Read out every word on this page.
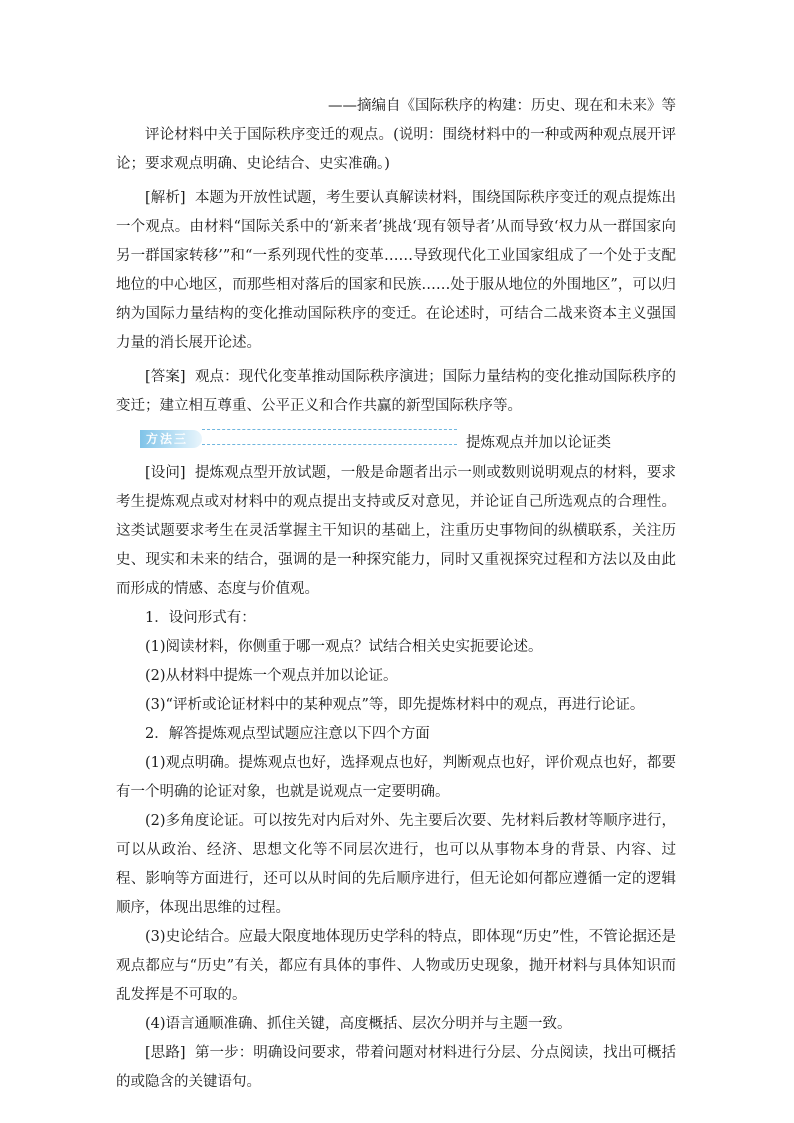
——摘编自《国际秩序的构建：历史、现在和未来》等

评论材料中关于国际秩序变迁的观点。(说明：围绕材料中的一种或两种观点展开评论；要求观点明确、史论结合、史实准确。)

[解析] 本题为开放性试题，考生要认真解读材料，围绕国际秩序变迁的观点提炼出一个观点。由材料“国际关系中的‘新来者’挑战‘现有领导者’从而导致‘权力从一群国家向另一群国家转移’”和“一系列现代性的变革……导致现代化工业国家组成了一个处于支配地位的中心地区，而那些相对落后的国家和民族……处于服从地位的外围地区”，可以归纳为国际力量结构的变化推动国际秩序的变迁。在论述时，可结合二战来资本主义强国力量的消长展开论述。

[答案] 观点：现代化变革推动国际秩序演进；国际力量结构的变化推动国际秩序的变迁；建立相互尊重、公平正义和合作共赢的新型国际秩序等。

方法三	提炼观点并加以论证类

[设问] 提炼观点型开放试题，一般是命题者出示一则或数则说明观点的材料，要求考生提炼观点或对材料中的观点提出支持或反对意见，并论证自己所选观点的合理性。这类试题要求考生在灵活掌握主干知识的基础上，注重历史事物间的纵横联系，关注历史、现实和未来的结合，强调的是一种探究能力，同时又重视探究过程和方法以及由此而形成的情感、态度与价值观。

1．设问形式有：

(1)阅读材料，你侧重于哪一观点？试结合相关史实扼要论述。

(2)从材料中提炼一个观点并加以论证。

(3)“评析或论证材料中的某种观点”等，即先提炼材料中的观点，再进行论证。

2．解答提炼观点型试题应注意以下四个方面

(1)观点明确。提炼观点也好，选择观点也好，判断观点也好，评价观点也好，都要有一个明确的论证对象，也就是说观点一定要明确。

(2)多角度论证。可以按先对内后对外、先主要后次要、先材料后教材等顺序进行，可以从政治、经济、思想文化等不同层次进行，也可以从事物本身的背景、内容、过程、影响等方面进行，还可以从时间的先后顺序进行，但无论如何都应遵循一定的逻辑顺序，体现出思维的过程。

(3)史论结合。应最大限度地体现历史学科的特点，即体现“历史”性，不管论据还是观点都应与“历史”有关，都应有具体的事件、人物或历史现象，抛开材料与具体知识而乱发挥是不可取的。

(4)语言通顺准确、抓住关键，高度概括、层次分明并与主题一致。

[思路] 第一步：明确设问要求，带着问题对材料进行分层、分点阅读，找出可概括的或隐含的关键语句。
